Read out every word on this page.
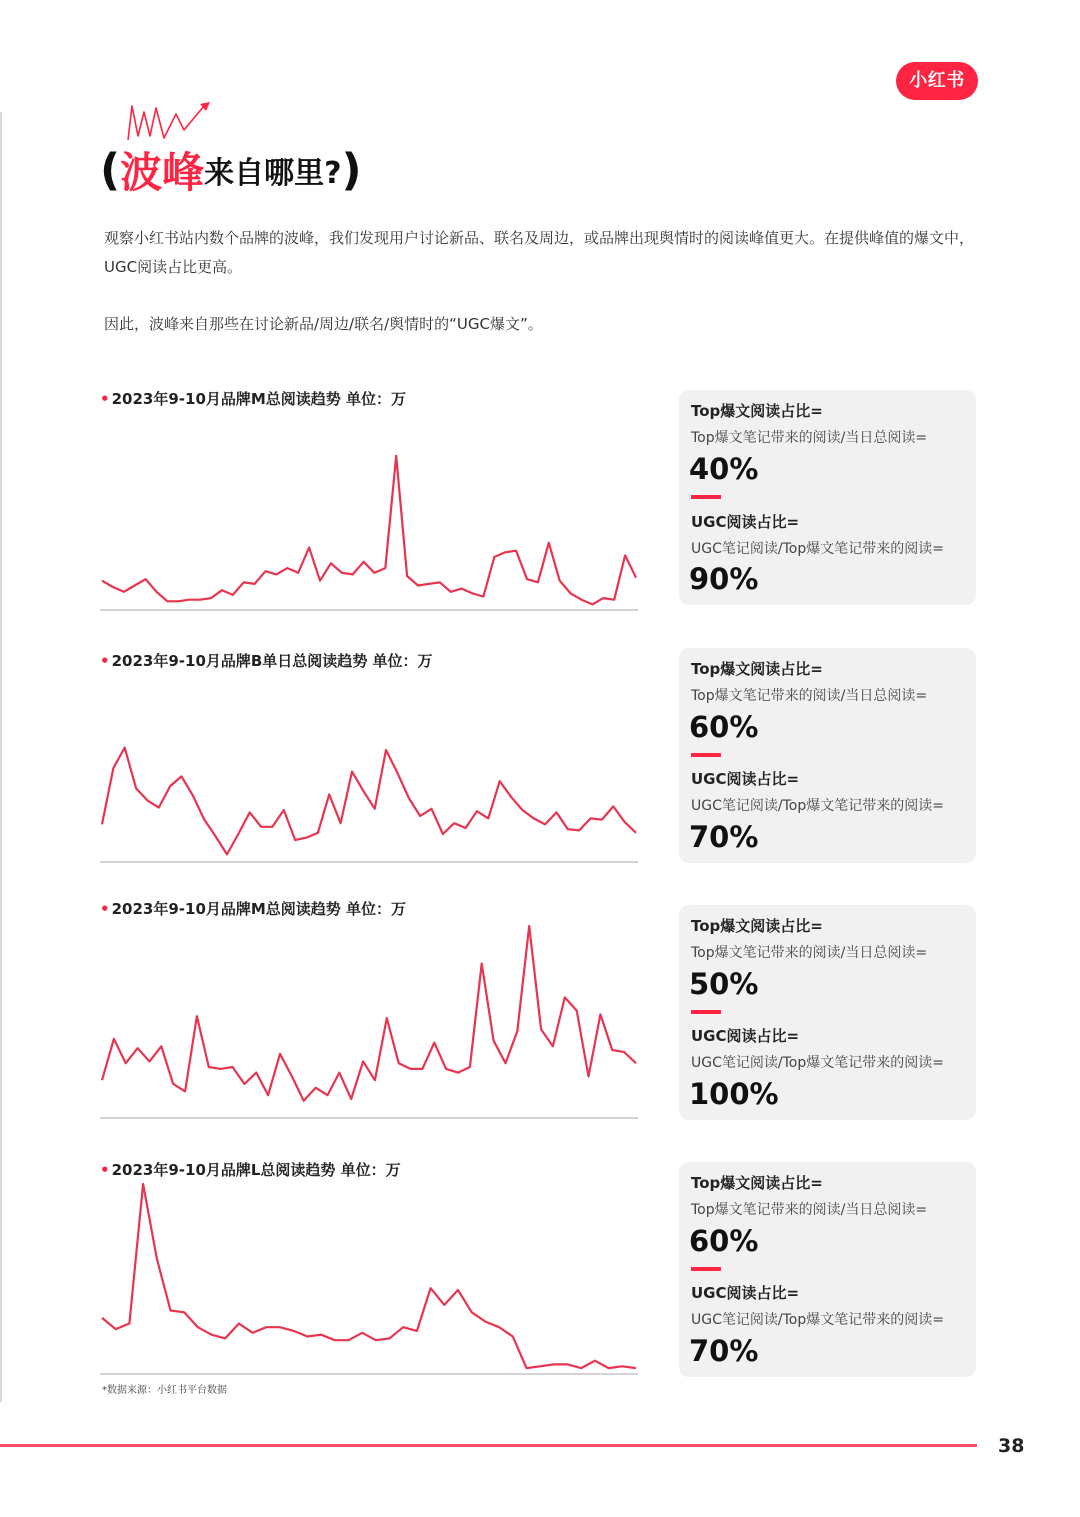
小红书
(波峰来自哪里?)

观察小红书站内数个品牌的波峰，我们发现用户讨论新品、联名及周边，或品牌出现舆情时的阅读峰值更大。在提供峰值的爆文中，UGC阅读占比更高。

因此，波峰来自那些在讨论新品/周边/联名/舆情时的“UGC爆文”。

• 2023年9-10月品牌M总阅读趋势 单位：万
• 2023年9-10月品牌B单日总阅读趋势 单位：万
• 2023年9-10月品牌M总阅读趋势 单位：万
• 2023年9-10月品牌L总阅读趋势 单位：万
Top爆文阅读占比=
Top爆文笔记带来的阅读/当日总阅读=
40%
UGC阅读占比=
UGC笔记阅读/Top爆文笔记带来的阅读=
90%
Top爆文阅读占比=
Top爆文笔记带来的阅读/当日总阅读=
60%
UGC阅读占比=
UGC笔记阅读/Top爆文笔记带来的阅读=
70%
Top爆文阅读占比=
Top爆文笔记带来的阅读/当日总阅读=
50%
UGC阅读占比=
UGC笔记阅读/Top爆文笔记带来的阅读=
100%
Top爆文阅读占比=
Top爆文笔记带来的阅读/当日总阅读=
60%
UGC阅读占比=
UGC笔记阅读/Top爆文笔记带来的阅读=
70%
*数据来源：小红书平台数据
38
